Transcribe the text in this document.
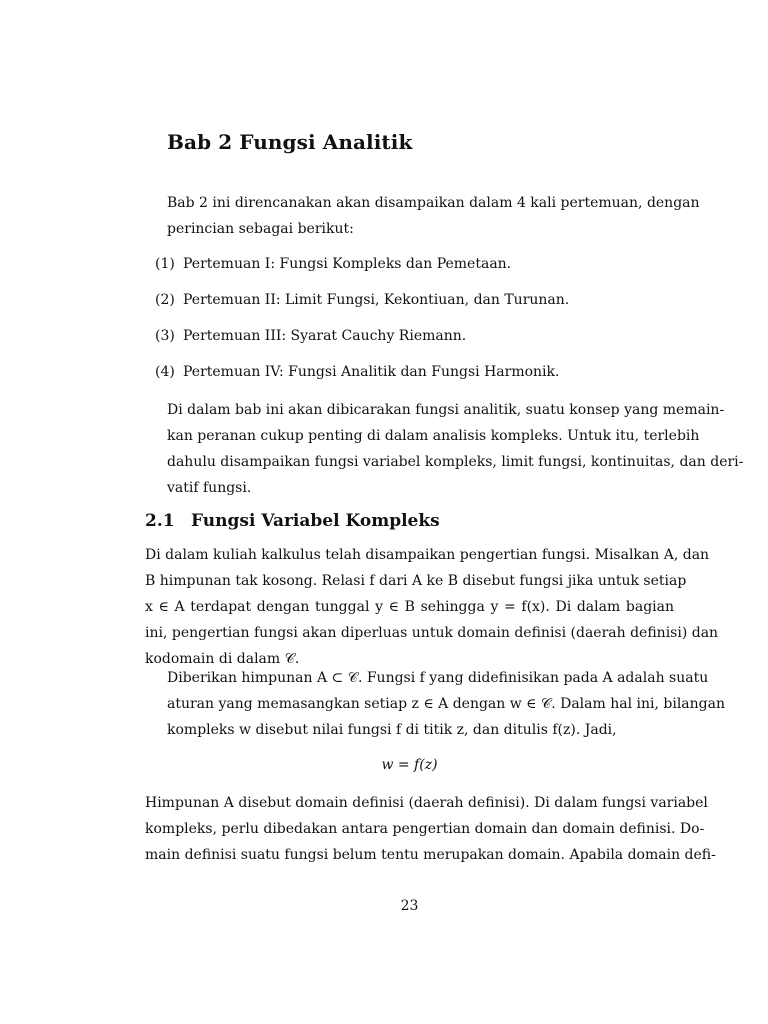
Bab 2 Fungsi Analitik

Bab 2 ini direncanakan akan disampaikan dalam 4 kali pertemuan, dengan
perincian sebagai berikut:

(1) Pertemuan I: Fungsi Kompleks dan Pemetaan.
(2) Pertemuan II: Limit Fungsi, Kekontiuan, dan Turunan.
(3) Pertemuan III: Syarat Cauchy Riemann.
(4) Pertemuan IV: Fungsi Analitik dan Fungsi Harmonik.

Di dalam bab ini akan dibicarakan fungsi analitik, suatu konsep yang memain-
kan peranan cukup penting di dalam analisis kompleks. Untuk itu, terlebih
dahulu disampaikan fungsi variabel kompleks, limit fungsi, kontinuitas, dan deri-
vatif fungsi.

2.1 Fungsi Variabel Kompleks

Di dalam kuliah kalkulus telah disampaikan pengertian fungsi. Misalkan A, dan
B himpunan tak kosong. Relasi f dari A ke B disebut fungsi jika untuk setiap
x ∈ A terdapat dengan tunggal y ∈ B sehingga y = f(x). Di dalam bagian
ini, pengertian fungsi akan diperluas untuk domain definisi (daerah definisi) dan
kodomain di dalam 𝒞.

Diberikan himpunan A ⊂ 𝒞. Fungsi f yang didefinisikan pada A adalah suatu
aturan yang memasangkan setiap z ∈ A dengan w ∈ 𝒞. Dalam hal ini, bilangan
kompleks w disebut nilai fungsi f di titik z, dan ditulis f(z). Jadi,

w = f(z)

Himpunan A disebut domain definisi (daerah definisi). Di dalam fungsi variabel
kompleks, perlu dibedakan antara pengertian domain dan domain definisi. Do-
main definisi suatu fungsi belum tentu merupakan domain. Apabila domain defi-

23
